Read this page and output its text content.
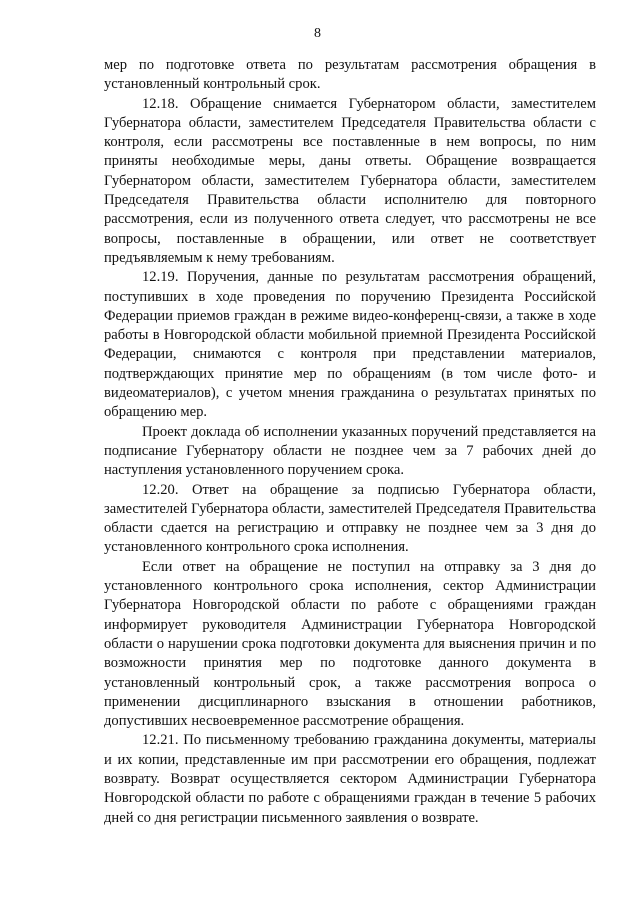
8

мер по подготовке ответа по результатам рассмотрения обращения в установленный контрольный срок.

12.18. Обращение снимается Губернатором области, заместителем Губернатора области, заместителем Председателя Правительства области с контроля, если рассмотрены все поставленные в нем вопросы, по ним приняты необходимые меры, даны ответы. Обращение возвращается Губернатором области, заместителем Губернатора области, заместителем Председателя Правительства области исполнителю для повторного рассмотрения, если из полученного ответа следует, что рассмотрены не все вопросы, поставленные в обращении, или ответ не соответствует предъявляемым к нему требованиям.

12.19. Поручения, данные по результатам рассмотрения обращений, поступивших в ходе проведения по поручению Президента Российской Федерации приемов граждан в режиме видео-конференц-связи, а также в ходе работы в Новгородской области мобильной приемной Президента Российской Федерации, снимаются с контроля при представлении материалов, подтверждающих принятие мер по обращениям (в том числе фото- и видеоматериалов), с учетом мнения гражданина о результатах принятых по обращению мер.

Проект доклада об исполнении указанных поручений представляется на подписание Губернатору области не позднее чем за 7 рабочих дней до наступления установленного поручением срока.

12.20. Ответ на обращение за подписью Губернатора области, заместителей Губернатора области, заместителей Председателя Правительства области сдается на регистрацию и отправку не позднее чем за 3 дня до установленного контрольного срока исполнения.

Если ответ на обращение не поступил на отправку за 3 дня до установленного контрольного срока исполнения, сектор Администрации Губернатора Новгородской области по работе с обращениями граждан информирует руководителя Администрации Губернатора Новгородской области о нарушении срока подготовки документа для выяснения причин и по возможности принятия мер по подготовке данного документа в установленный контрольный срок, а также рассмотрения вопроса о применении дисциплинарного взыскания в отношении работников, допустивших несвоевременное рассмотрение обращения.

12.21. По письменному требованию гражданина документы, материалы и их копии, представленные им при рассмотрении его обращения, подлежат возврату. Возврат осуществляется сектором Администрации Губернатора Новгородской области по работе с обращениями граждан в течение 5 рабочих дней со дня регистрации письменного заявления о возврате.
